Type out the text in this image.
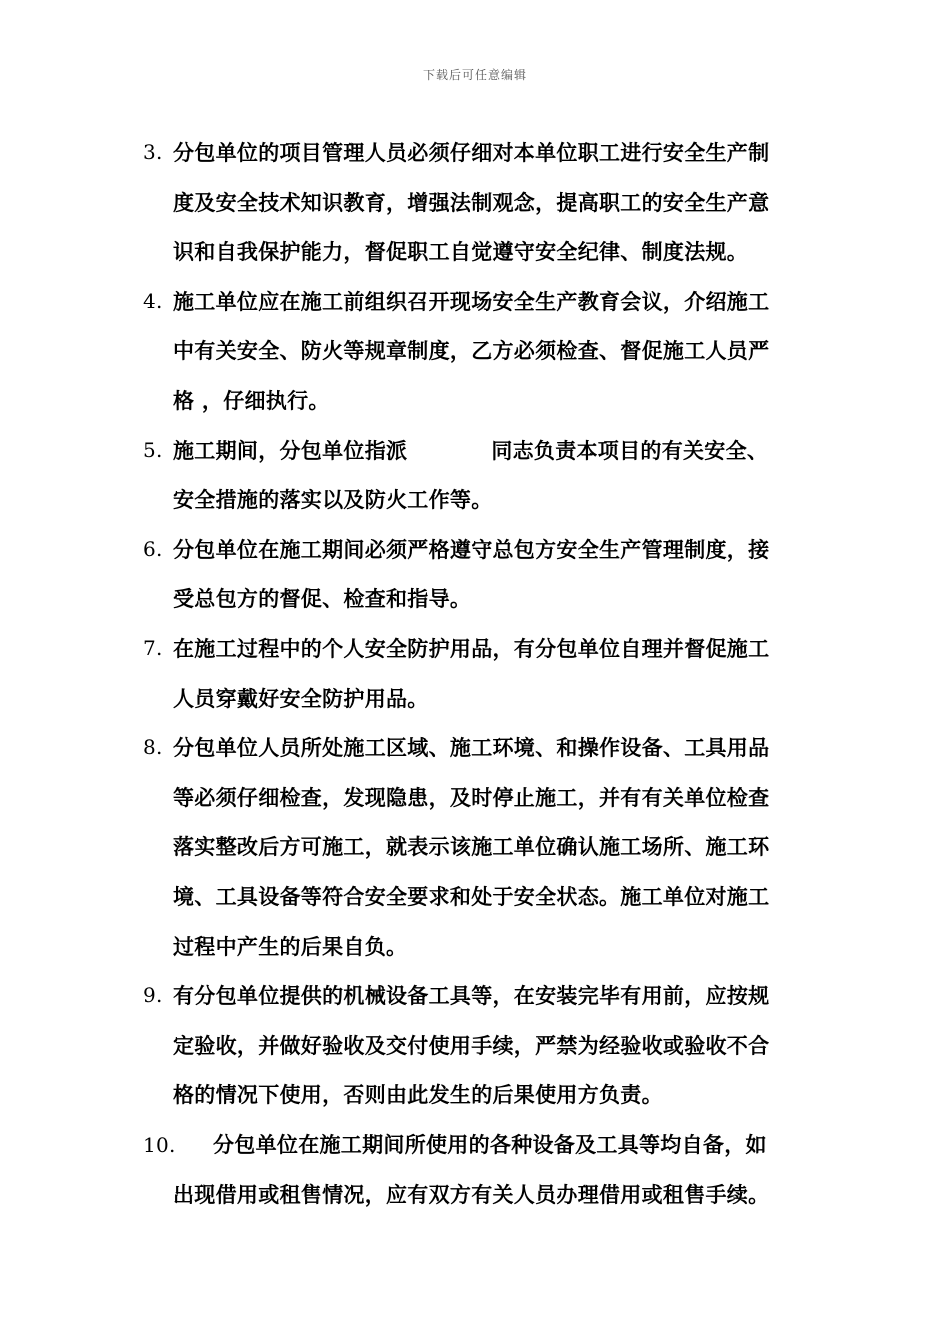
下载后可任意编辑
3. 分包单位的项目管理人员必须仔细对本单位职工进行安全生产制
度及安全技术知识教育，增强法制观念，提高职工的安全生产意
识和自我保护能力，督促职工自觉遵守安全纪律、制度法规。
4. 施工单位应在施工前组织召开现场安全生产教育会议，介绍施工
中有关安全、防火等规章制度，乙方必须检查、督促施工人员严
格 ，仔细执行。
5. 施工期间，分包单位指派	同志负责本项目的有关安全、
安全措施的落实以及防火工作等。
6. 分包单位在施工期间必须严格遵守总包方安全生产管理制度，接
受总包方的督促、检查和指导。
7. 在施工过程中的个人安全防护用品，有分包单位自理并督促施工
人员穿戴好安全防护用品。
8. 分包单位人员所处施工区域、施工环境、和操作设备、工具用品
等必须仔细检查，发现隐患，及时停止施工，并有有关单位检查
落实整改后方可施工，就表示该施工单位确认施工场所、施工环
境、工具设备等符合安全要求和处于安全状态。施工单位对施工
过程中产生的后果自负。
9. 有分包单位提供的机械设备工具等，在安装完毕有用前，应按规
定验收，并做好验收及交付使用手续，严禁为经验收或验收不合
格的情况下使用，否则由此发生的后果使用方负责。
10. 分包单位在施工期间所使用的各种设备及工具等均自备，如
出现借用或租售情况，应有双方有关人员办理借用或租售手续。
